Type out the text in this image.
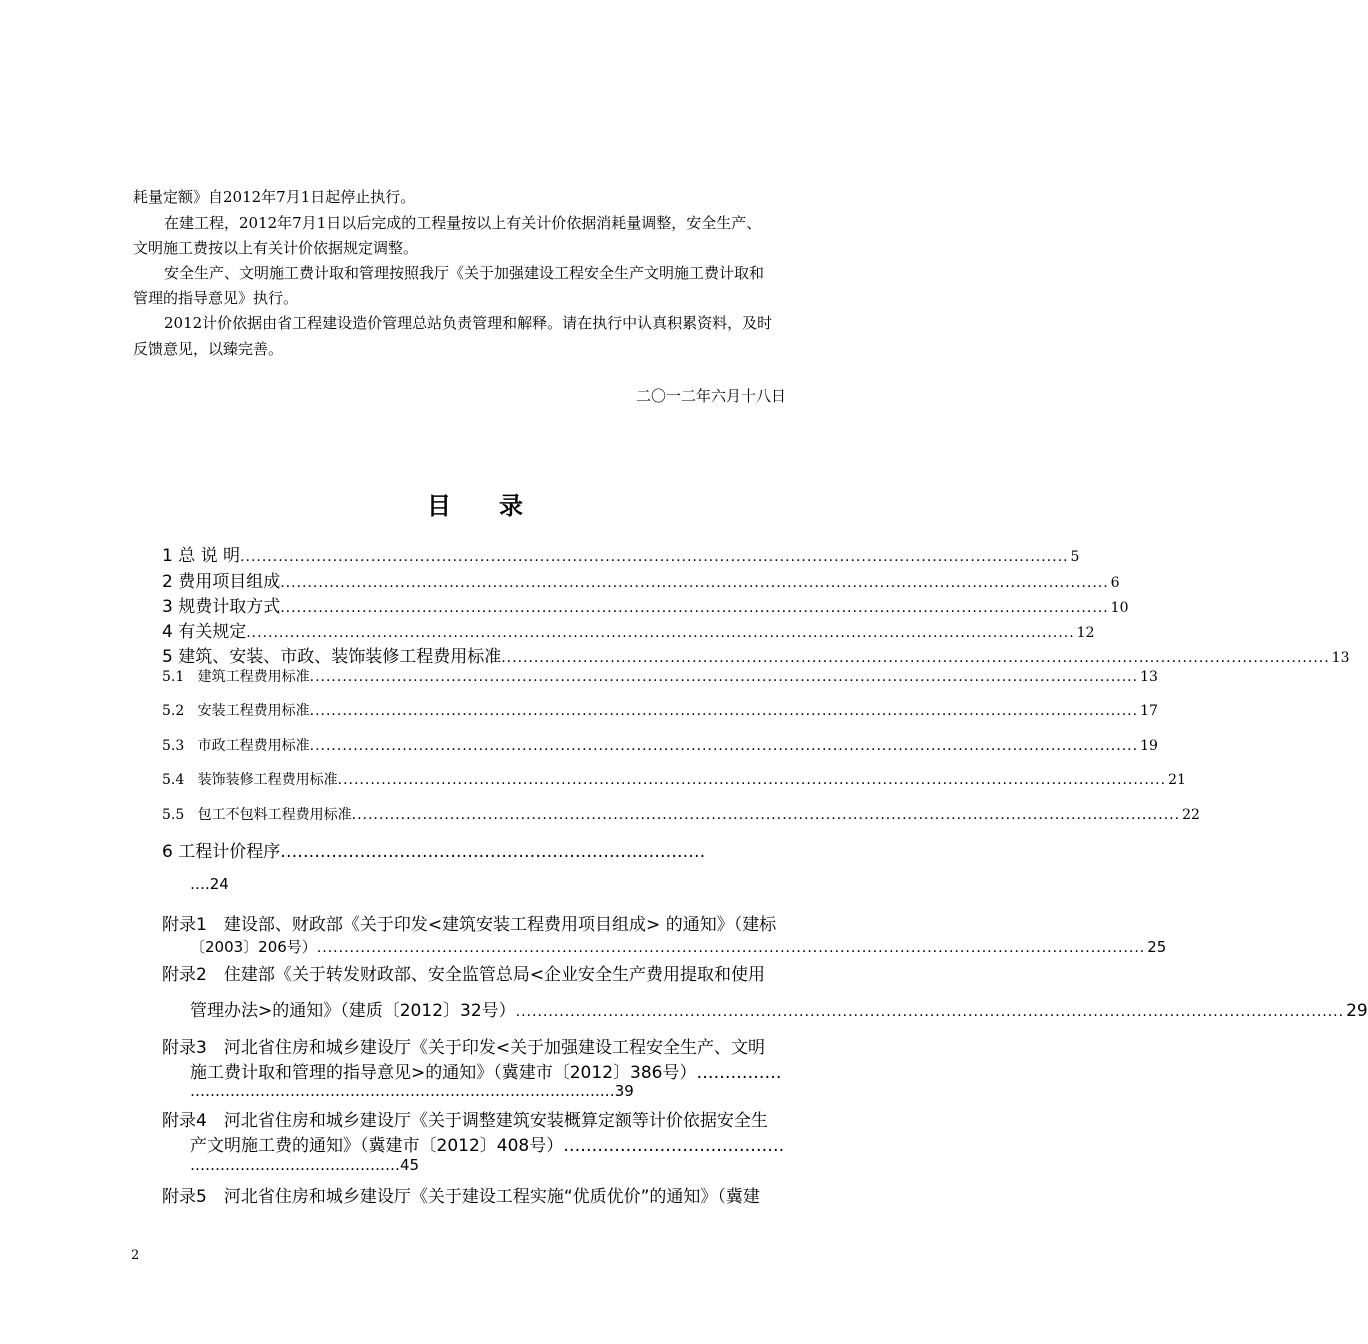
耗量定额》自2012年7月1日起停止执行。
在建工程，2012年7月1日以后完成的工程量按以上有关计价依据消耗量调整，安全生产、
文明施工费按以上有关计价依据规定调整。
安全生产、文明施工费计取和管理按照我厅《关于加强建设工程安全生产文明施工费计取和
管理的指导意见》执行。
2012计价依据由省工程建设造价管理总站负责管理和解释。请在执行中认真积累资料，及时
反馈意见，以臻完善。
二〇一二年六月十八日
目　　录
1
总 说 明 ........................................................................................................................................................ 5
2
费用项目组成 ........................................................................................................................................................ 6
3
规费计取方式 ........................................................................................................................................................ 10
4
有关规定 ........................................................................................................................................................ 12
5
建筑、安装、市政、装饰装修工程费用标准 ........................................................................................................................................................ 13
5.1
建筑工程费用标准 ........................................................................................................................................................ 13
5.2
安装工程费用标准 ........................................................................................................................................................ 17
5.3
市政工程费用标准 ........................................................................................................................................................ 19
5.4
装饰装修工程费用标准 ........................................................................................................................................................ 21
5.5
包工不包料工程费用标准 ........................................................................................................................................................ 22
6 工程计价程序…………………………………………………………………
….24
附录1　建设部、财政部《关于印发<建筑安装工程费用项目组成> 的通知》（建标
〔2003〕206号） ........................................................................................................................................................ 25
附录2　住建部《关于转发财政部、安全监管总局<企业安全生产费用提取和使用
管理办法>的通知》（建质〔2012〕32号） ........................................................................................................................................................ 29
附录3　河北省住房和城乡建设厅《关于印发<关于加强建设工程安全生产、文明
施工费计取和管理的指导意见>的通知》（冀建市〔2012〕386号）……………
……………………………………………………………………….…39
附录4　河北省住房和城乡建设厅《关于调整建筑安装概算定额等计价依据安全生
产文明施工费的通知》（冀建市〔2012〕408号）…………………………………
……………………………………45
附录5　河北省住房和城乡建设厅《关于建设工程实施“优质优价”的通知》（冀建
2
